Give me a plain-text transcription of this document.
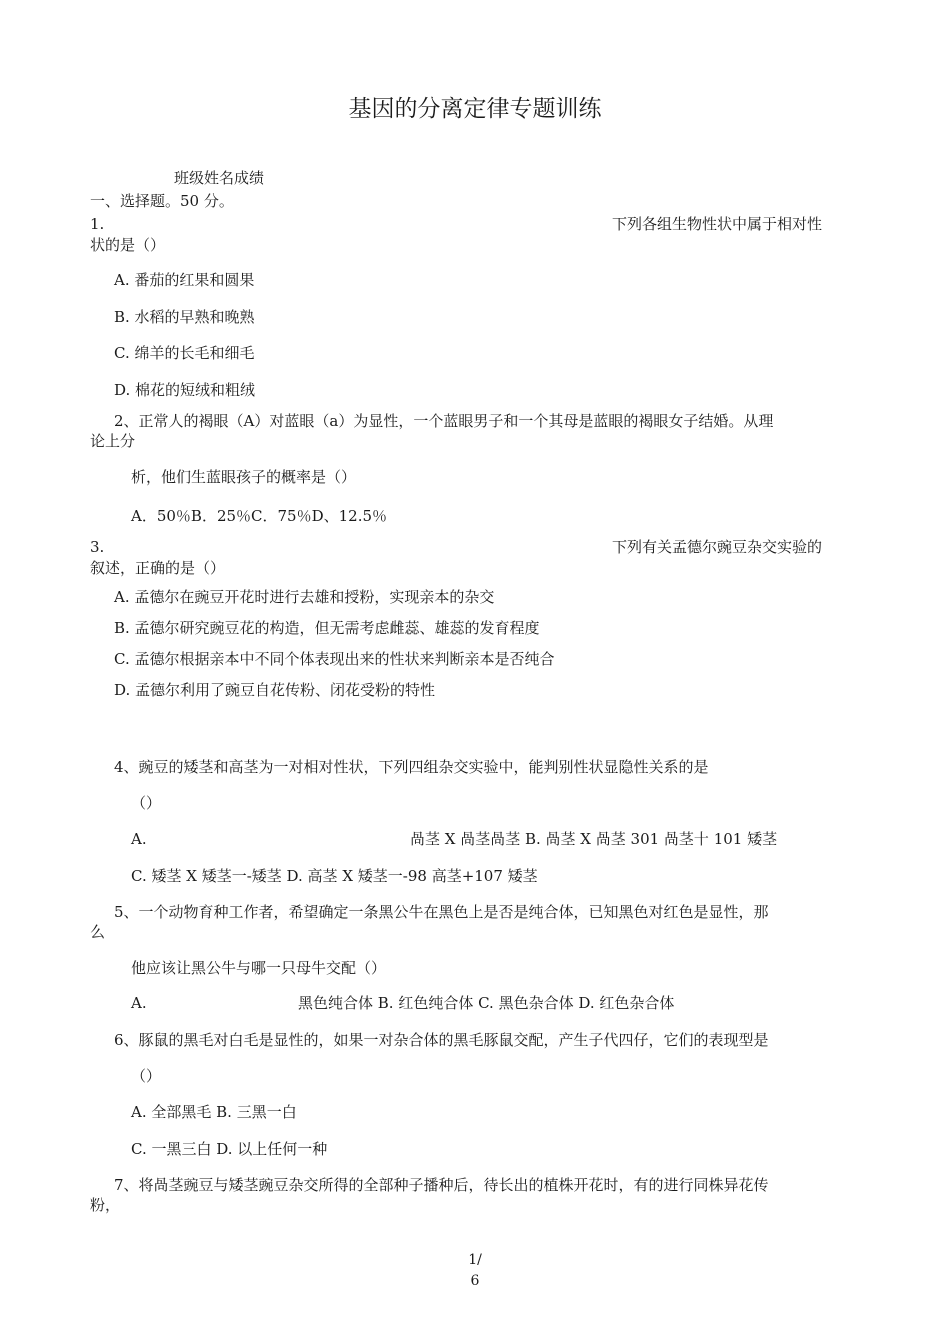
基因的分离定律专题训练
班级姓名成绩
一、选择题。50 分。
1.	下列各组生物性状中属于相对性
状的是（）
A. 番茄的红果和圆果
B. 水稻的早熟和晚熟
C. 绵羊的长毛和细毛
D. 棉花的短绒和粗绒
2、正常人的褐眼（A）对蓝眼（a）为显性，一个蓝眼男子和一个其母是蓝眼的褐眼女子结婚。从理
论上分
析，他们生蓝眼孩子的概率是（）
A．50％B．25％C．75％D、12.5％
3.	下列有关孟德尔豌豆杂交实验的
叙述，正确的是（）
A. 孟德尔在豌豆开花时进行去雄和授粉，实现亲本的杂交
B. 孟德尔研究豌豆花的构造，但无需考虑雌蕊、雄蕊的发育程度
C. 孟德尔根据亲本中不同个体表现出来的性状来判断亲本是否纯合
D. 孟德尔利用了豌豆自花传粉、闭花受粉的特性
4、豌豆的矮茎和高茎为一对相对性状，下列四组杂交实验中，能判别性状显隐性关系的是
（）
A.	咼茎 X 咼茎咼茎 B. 咼茎 X 咼茎 301 咼茎十 101 矮茎
C. 矮茎 X 矮茎一-矮茎 D. 高茎 X 矮茎一-98 高茎+107 矮茎
5、一个动物育种工作者，希望确定一条黑公牛在黑色上是否是纯合体，已知黑色对红色是显性，那
么
他应该让黑公牛与哪一只母牛交配（）
A.	黑色纯合体 B. 红色纯合体 C. 黑色杂合体 D. 红色杂合体
6、豚鼠的黑毛对白毛是显性的，如果一对杂合体的黑毛豚鼠交配，产生子代四仔，它们的表现型是
（）
A. 全部黑毛 B. 三黑一白
C. 一黑三白 D. 以上任何一种
7、将咼茎豌豆与矮茎豌豆杂交所得的全部种子播种后，待长出的植株开花时，有的进行同株异花传
粉，
1/
6
